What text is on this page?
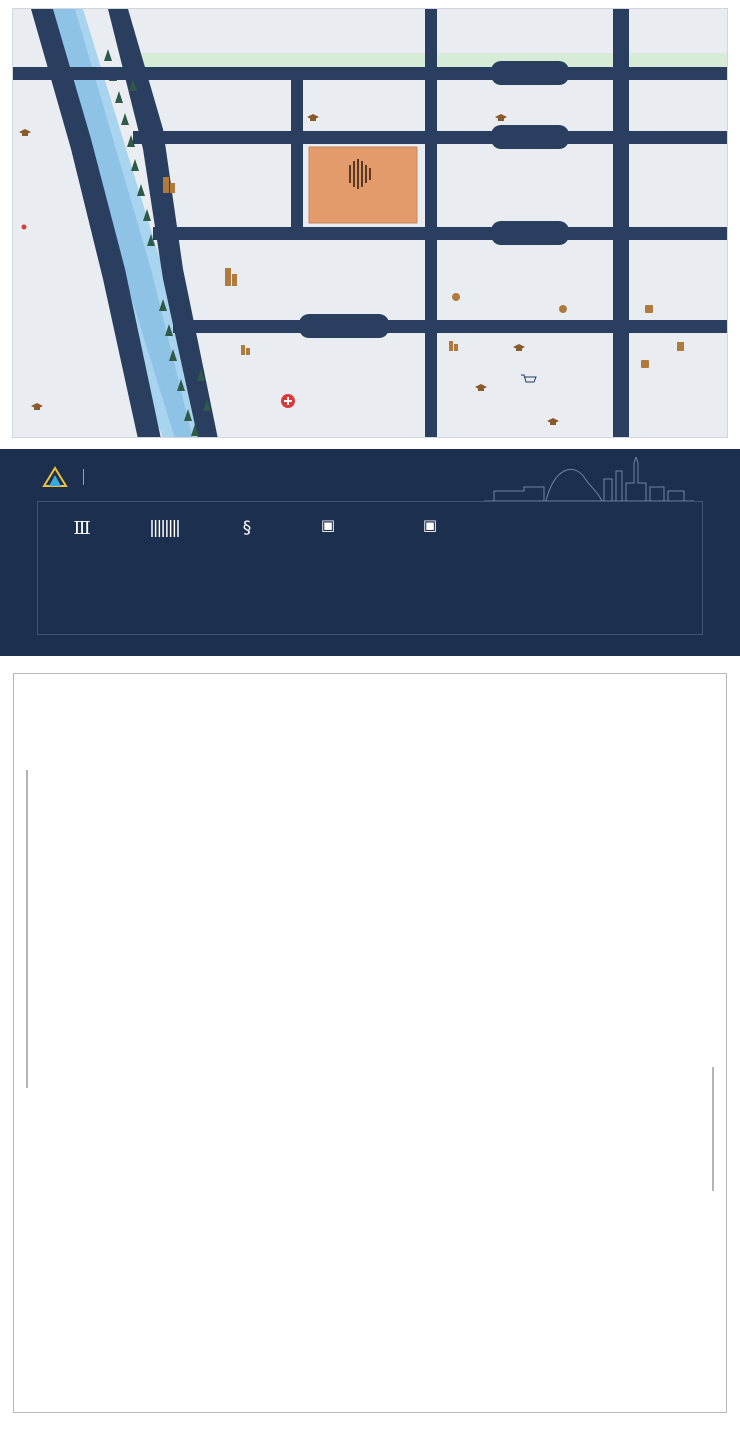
Ⅲ	||||||||	§	▣	▣
